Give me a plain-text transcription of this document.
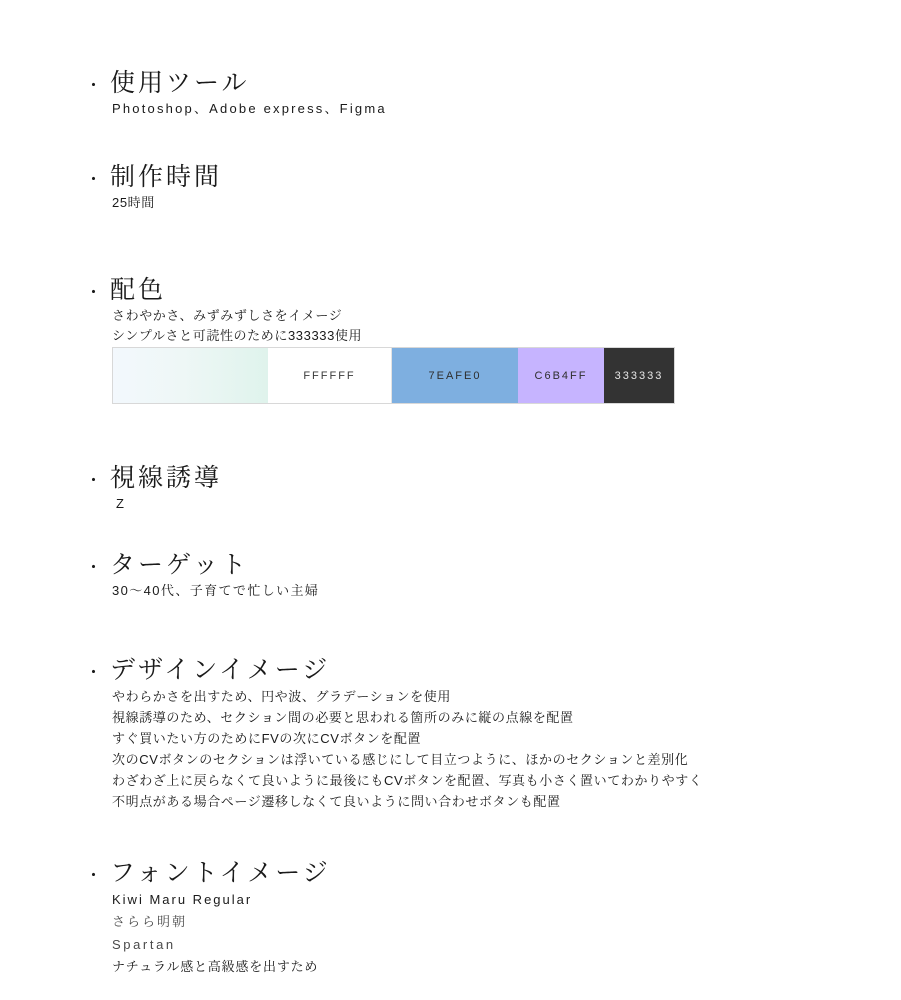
・ 使用ツール
Photoshop、Adobe express、Figma
・ 制作時間
25時間
・ 配色
さわやかさ、みずみずしさをイメージ
シンプルさと可読性のために333333使用
FFFFFF	7EAFE0	C6B4FF	333333
・ 視線誘導
Z
・ ターゲット
30〜40代、子育てで忙しい主婦
・ デザインイメージ
やわらかさを出すため、円や波、グラデーションを使用
視線誘導のため、セクション間の必要と思われる箇所のみに縦の点線を配置
すぐ買いたい方のためにFVの次にCVボタンを配置
次のCVボタンのセクションは浮いている感じにして目立つように、ほかのセクションと差別化
わざわざ上に戻らなくて良いように最後にもCVボタンを配置、写真も小さく置いてわかりやすく
不明点がある場合ページ遷移しなくて良いように問い合わせボタンも配置
・ フォントイメージ
Kiwi Maru Regular
さらら明朝
Spartan
ナチュラル感と高級感を出すため
